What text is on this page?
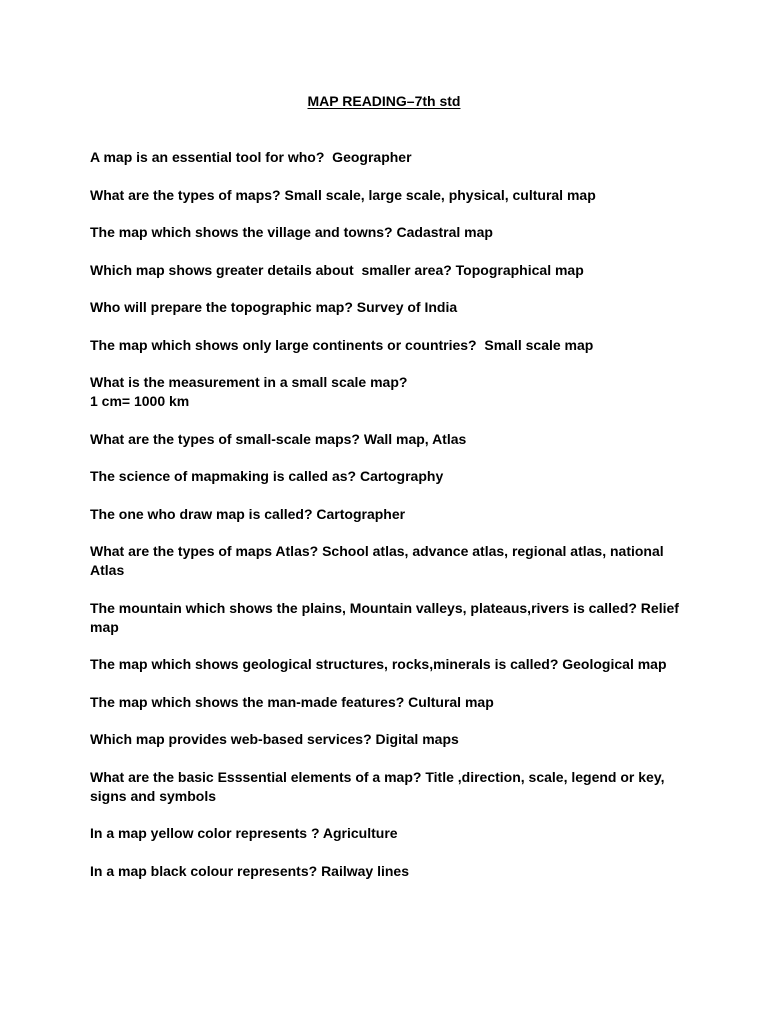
MAP READING–7th std

A map is an essential tool for who?  Geographer

What are the types of maps? Small scale, large scale, physical, cultural map

The map which shows the village and towns? Cadastral map

Which map shows greater details about  smaller area? Topographical map

Who will prepare the topographic map? Survey of India

The map which shows only large continents or countries?  Small scale map

What is the measurement in a small scale map?
1 cm= 1000 km

What are the types of small-scale maps? Wall map, Atlas

The science of mapmaking is called as? Cartography

The one who draw map is called? Cartographer

What are the types of maps Atlas? School atlas, advance atlas, regional atlas, national Atlas

The mountain which shows the plains, Mountain valleys, plateaus,rivers is called? Relief map

The map which shows geological structures, rocks,minerals is called? Geological map

The map which shows the man-made features? Cultural map

Which map provides web-based services? Digital maps

What are the basic Esssential elements of a map? Title ,direction, scale, legend or key, signs and symbols

In a map yellow color represents ? Agriculture

In a map black colour represents? Railway lines
